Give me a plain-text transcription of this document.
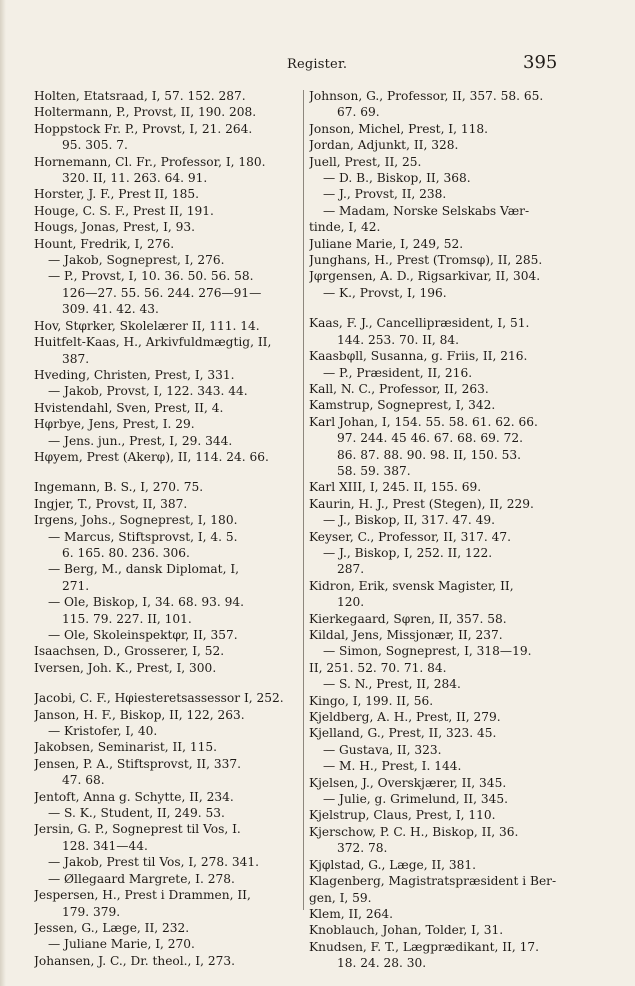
Register.	395
Holten, Etatsraad, I, 57. 152. 287.
Holtermann, P., Provst, II, 190. 208.
Hoppstock Fr. P., Provst, I, 21. 264.
95. 305. 7.
Hornemann, Cl. Fr., Professor, I, 180.
320. II, 11. 263. 64. 91.
Horster, J. F., Prest II, 185.
Houge, C. S. F., Prest II, 191.
Hougs, Jonas, Prest, I, 93.
Hount, Fredrik, I, 276.
— Jakob, Sogneprest, I, 276.
— P., Provst, I, 10. 36. 50. 56. 58.
126—27. 55. 56. 244. 276—91—
309. 41. 42. 43.
Hov, Stφrker, Skolelærer II, 111. 14.
Huitfelt-Kaas, H., Arkivfuldmægtig, II,
387.
Hveding, Christen, Prest, I, 331.
— Jakob, Provst, I, 122. 343. 44.
Hvistendahl, Sven, Prest, II, 4.
Hφrbye, Jens, Prest, I. 29.
— Jens. jun., Prest, I, 29. 344.
Hφyem, Prest (Akerφ), II, 114. 24. 66.
Ingemann, B. S., I, 270. 75.
Ingjer, T., Provst, II, 387.
Irgens, Johs., Sogneprest, I, 180.
— Marcus, Stiftsprovst, I, 4. 5.
6. 165. 80. 236. 306.
— Berg, M., dansk Diplomat, I,
271.
— Ole, Biskop, I, 34. 68. 93. 94.
115. 79. 227. II, 101.
— Ole, Skoleinspektφr, II, 357.
Isaachsen, D., Grosserer, I, 52.
Iversen, Joh. K., Prest, I, 300.
Jacobi, C. F., Hφiesteretsassessor I, 252.
Janson, H. F., Biskop, II, 122, 263.
— Kristofer, I, 40.
Jakobsen, Seminarist, II, 115.
Jensen, P. A., Stiftsprovst, II, 337.
47. 68.
Jentoft, Anna g. Schytte, II, 234.
— S. K., Student, II, 249. 53.
Jersin, G. P., Sogneprest til Vos, I.
128. 341—44.
— Jakob, Prest til Vos, I, 278. 341.
— Øllegaard Margrete, I. 278.
Jespersen, H., Prest i Drammen, II,
179. 379.
Jessen, G., Læge, II, 232.
— Juliane Marie, I, 270.
Johansen, J. C., Dr. theol., I, 273.
Johnson, G., Professor, II, 357. 58. 65.
67. 69.
Jonson, Michel, Prest, I, 118.
Jordan, Adjunkt, II, 328.
Juell, Prest, II, 25.
— D. B., Biskop, II, 368.
— J., Provst, II, 238.
— Madam, Norske Selskabs Vær-
tinde, I, 42.
Juliane Marie, I, 249, 52.
Junghans, H., Prest (Tromsφ), II, 285.
Jφrgensen, A. D., Rigsarkivar, II, 304.
— K., Provst, I, 196.
Kaas, F. J., Cancellipræsident, I, 51.
144. 253. 70. II, 84.
Kaasbφll, Susanna, g. Friis, II, 216.
— P., Præsident, II, 216.
Kall, N. C., Professor, II, 263.
Kamstrup, Sogneprest, I, 342.
Karl Johan, I, 154. 55. 58. 61. 62. 66.
97. 244. 45 46. 67. 68. 69. 72.
86. 87. 88. 90. 98. II, 150. 53.
58. 59. 387.
Karl XIII, I, 245. II, 155. 69.
Kaurin, H. J., Prest (Stegen), II, 229.
— J., Biskop, II, 317. 47. 49.
Keyser, C., Professor, II, 317. 47.
— J., Biskop, I, 252. II, 122.
287.
Kidron, Erik, svensk Magister, II,
120.
Kierkegaard, Sφren, II, 357. 58.
Kildal, Jens, Missjonær, II, 237.
— Simon, Sogneprest, I, 318—19.
II, 251. 52. 70. 71. 84.
— S. N., Prest, II, 284.
Kingo, I, 199. II, 56.
Kjeldberg, A. H., Prest, II, 279.
Kjelland, G., Prest, II, 323. 45.
— Gustava, II, 323.
— M. H., Prest, I. 144.
Kjelsen, J., Overskjærer, II, 345.
— Julie, g. Grimelund, II, 345.
Kjelstrup, Claus, Prest, I, 110.
Kjerschow, P. C. H., Biskop, II, 36.
372. 78.
Kjφlstad, G., Læge, II, 381.
Klagenberg, Magistratspræsident i Ber-
gen, I, 59.
Klem, II, 264.
Knoblauch, Johan, Tolder, I, 31.
Knudsen, F. T., Lægprædikant, II, 17.
18. 24. 28. 30.
